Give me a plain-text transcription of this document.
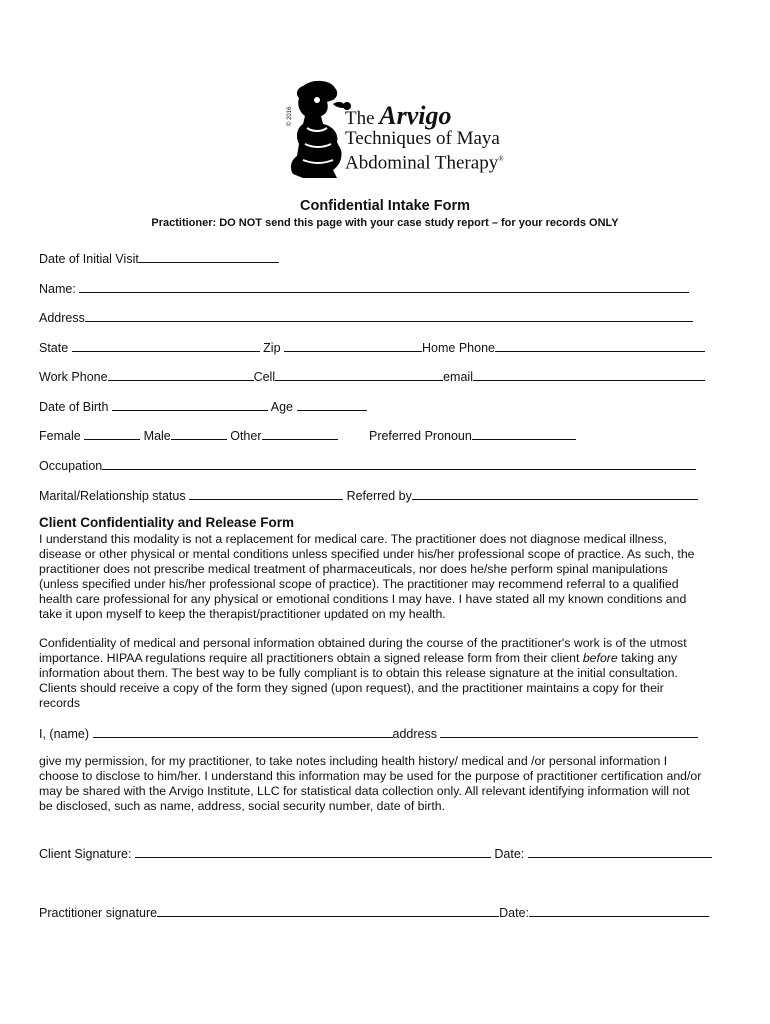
© 2016	The Arvigo
Techniques of Maya
Abdominal Therapy®
Confidential Intake Form
Practitioner: DO NOT send this page with your case study report – for your records ONLY
Date of Initial Visit
Name:
Address
State	Zip	Home Phone
Work Phone	Cell	email
Date of Birth	Age
Female	Male	Other	Preferred Pronoun
Occupation
Marital/Relationship status	Referred by
Client Confidentiality and Release Form
I understand this modality is not a replacement for medical care. The practitioner does not diagnose medical illness,
disease or other physical or mental conditions unless specified under his/her professional scope of practice. As such, the
practitioner does not prescribe medical treatment of pharmaceuticals, nor does he/she perform spinal manipulations
(unless specified under his/her professional scope of practice). The practitioner may recommend referral to a qualified
health care professional for any physical or emotional conditions I may have. I have stated all my known conditions and
take it upon myself to keep the therapist/practitioner updated on my health.
Confidentiality of medical and personal information obtained during the course of the practitioner's work is of the utmost
importance. HIPAA regulations require all practitioners obtain a signed release form from their client before taking any
information about them. The best way to be fully compliant is to obtain this release signature at the initial consultation.
Clients should receive a copy of the form they signed (upon request), and the practitioner maintains a copy for their
records
I, (name)	address
give my permission, for my practitioner, to take notes including health history/ medical and /or personal information I
choose to disclose to him/her. I understand this information may be used for the purpose of practitioner certification and/or
may be shared with the Arvigo Institute, LLC for statistical data collection only. All relevant identifying information will not
be disclosed, such as name, address, social security number, date of birth.
Client Signature:	Date:
Practitioner signature	Date:
